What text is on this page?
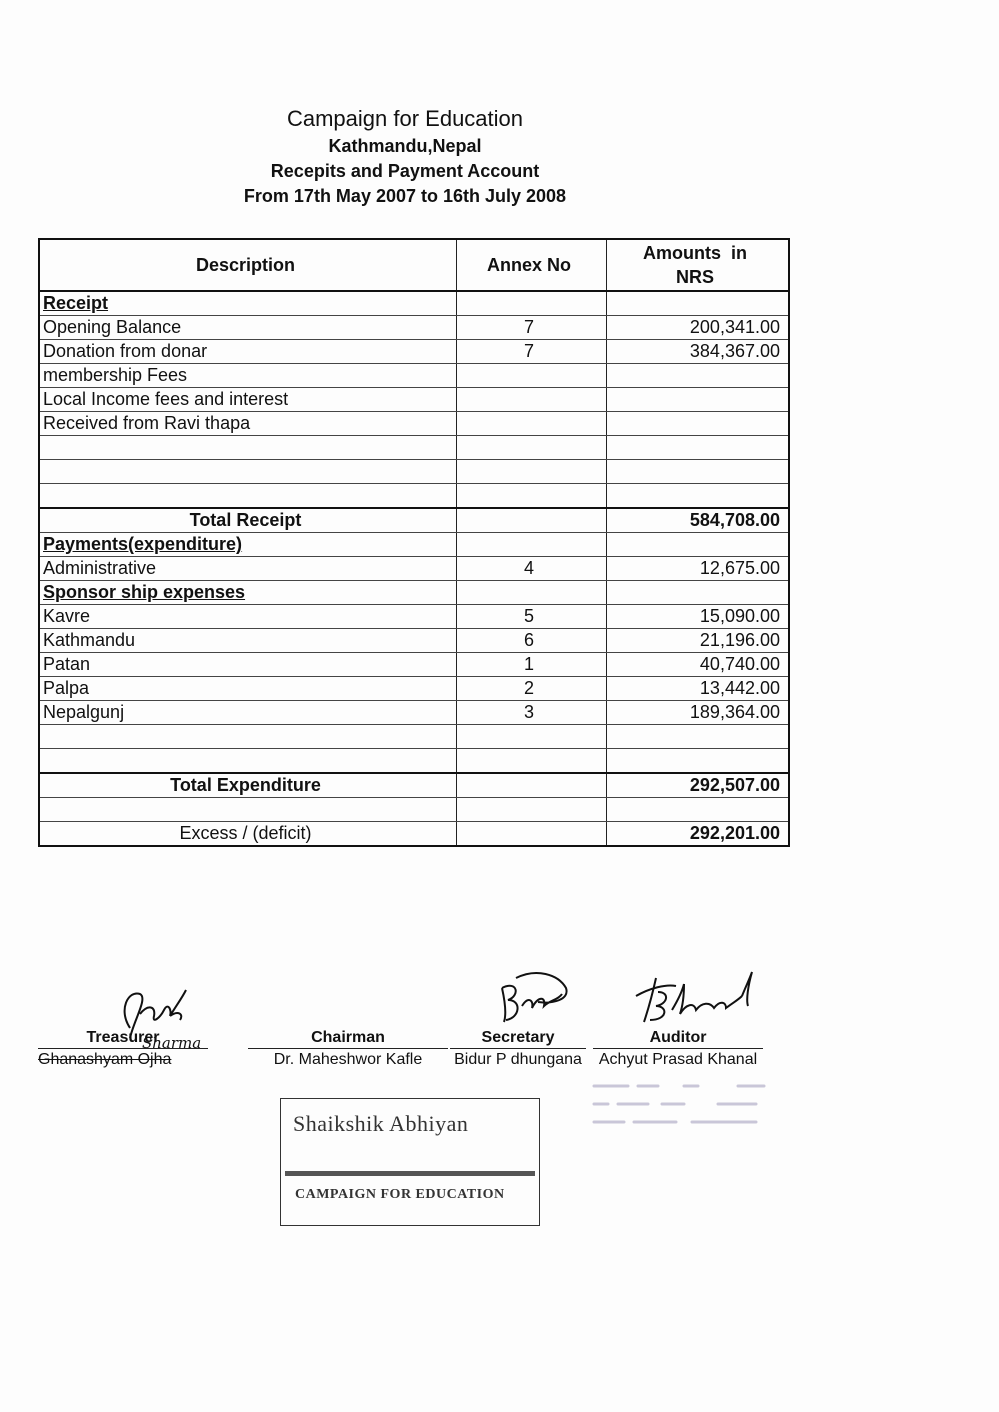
Campaign for Education
Kathmandu,Nepal
Recepits and Payment Account
From 17th May 2007 to 16th July 2008
Description	Annex No	Amounts  in
NRS

Receipt		
Opening Balance	7	200,341.00
Donation from donar	7	384,367.00
membership Fees		
Local Income fees and interest		
Received from Ravi thapa		

Total Receipt		584,708.00
Payments(expenditure)		
Administrative	4	12,675.00
Sponsor ship expenses		
Kavre	5	15,090.00
Kathmandu	6	21,196.00
Patan	1	40,740.00
Palpa	2	13,442.00
Nepalgunj	3	189,364.00

Total Expenditure		292,507.00

Excess / (deficit)		292,201.00
Treasurer
Ghanashyam Ojha
Sharma	Chairman
Dr. Maheshwor Kafle
Secretary
Bidur P dhungana
Auditor
Achyut Prasad Khanal
Shaikshik Abhiyan
CAMPAIGN FOR EDUCATION
